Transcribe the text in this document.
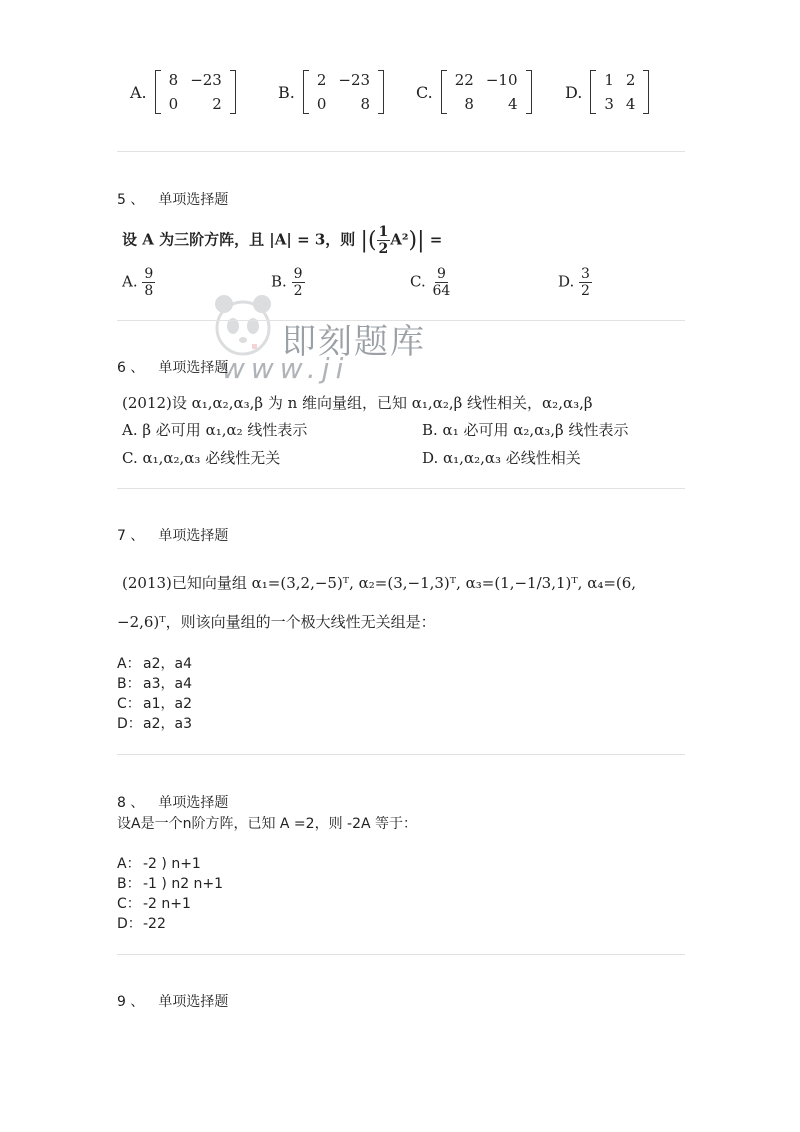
A.
8	−23
0	2
B.
2	−23
0	8
C.
22	−10
8	4
D.
1	2
3	4
5 、 单项选择题
设 A 为三阶方阵，且 |A| = 3，则 |( $\frac{1}{2} A^2)|$ =
A. $\frac{9}{8}$	B. $\frac{9}{2}$	C. $\frac{9}{64}$	D. $\frac{3}{2}$
即刻题库
www.ji
6 、 单项选择题
(2012)设 α₁,α₂,α₃,β 为 n 维向量组，已知 α₁,α₂,β 线性相关，α₂,α₃,β
A. β 必可用 α₁,α₂ 线性表示	B. α₁ 必可用 α₂,α₃,β 线性表示
C. α₁,α₂,α₃ 必线性无关	D. α₁,α₂,α₃ 必线性相关
7 、 单项选择题
(2013)已知向量组 α₁=(3,2,−5)ᵀ, α₂=(3,−1,3)ᵀ, α₃=(1,−1/3,1)ᵀ, α₄=(6,
−2,6)ᵀ，则该向量组的一个极大线性无关组是：
A： a2，a4
B： a3，a4
C： a1，a2
D：a2，a3
8 、 单项选择题
设A是一个n阶方阵，已知 A =2，则 -2A 等于：
A： -2 ) n+1
B： -1 ) n2 n+1
C： -2 n+1
D：-22
9 、 单项选择题
